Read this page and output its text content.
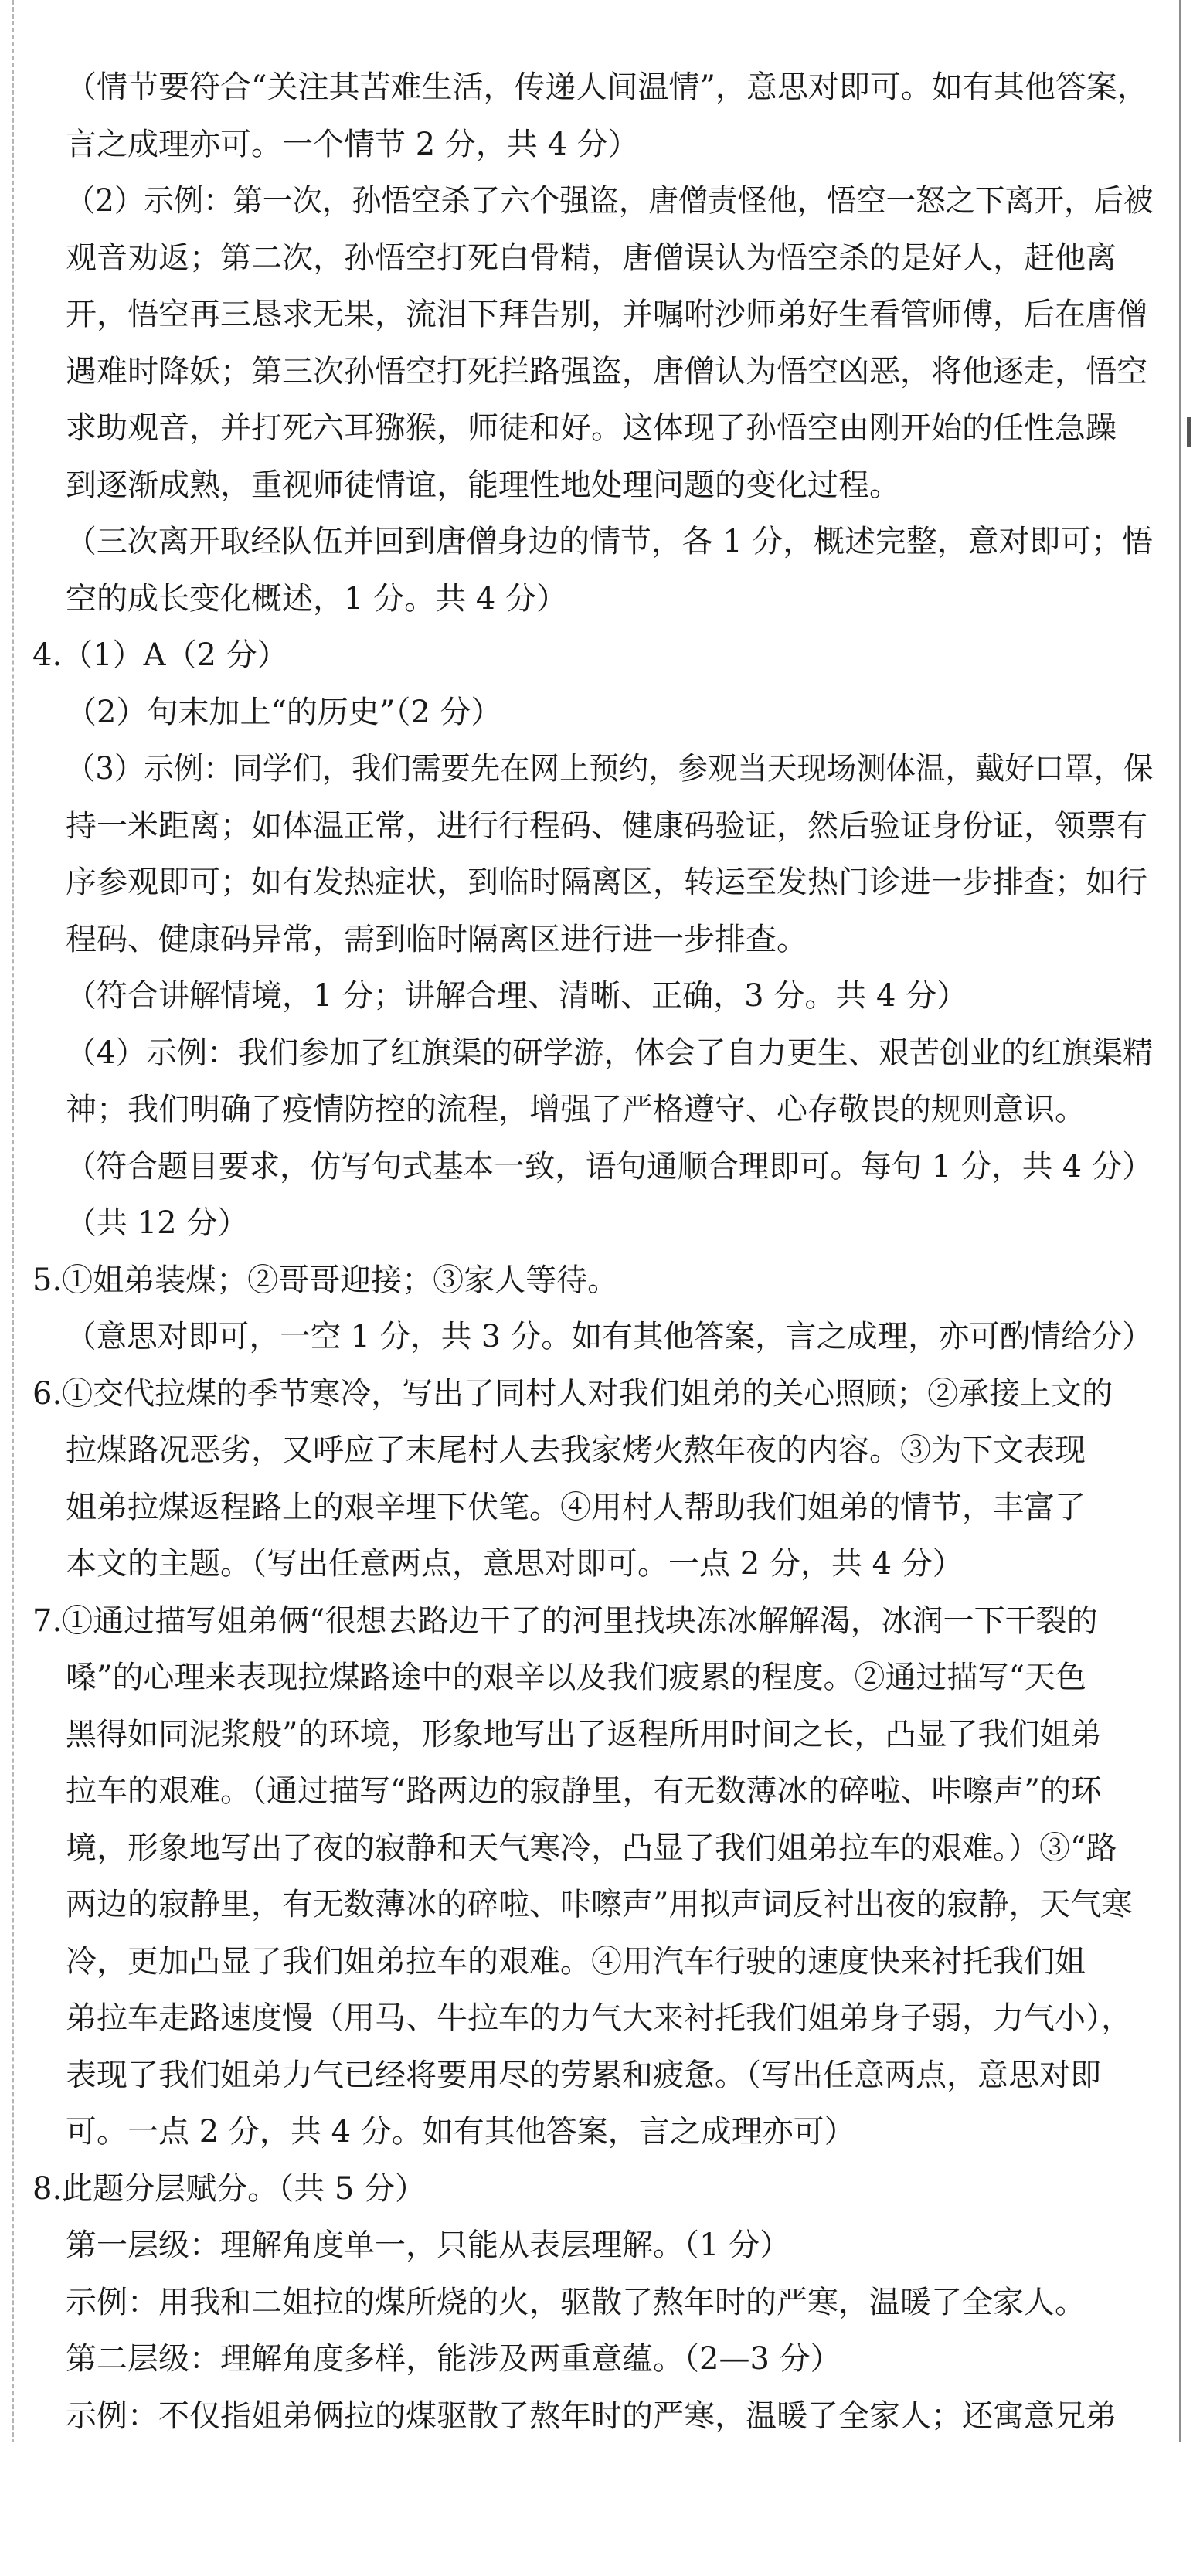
（情节要符合“关注其苦难生活，传递人间温情”，意思对即可。如有其他答案，
言之成理亦可。一个情节 2 分，共 4 分）
（2）示例：第一次，孙悟空杀了六个强盗，唐僧责怪他，悟空一怒之下离开，后被
观音劝返；第二次，孙悟空打死白骨精，唐僧误认为悟空杀的是好人，赶他离
开，悟空再三恳求无果，流泪下拜告别，并嘱咐沙师弟好生看管师傅，后在唐僧
遇难时降妖；第三次孙悟空打死拦路强盗，唐僧认为悟空凶恶，将他逐走，悟空
求助观音，并打死六耳猕猴，师徒和好。这体现了孙悟空由刚开始的任性急躁
到逐渐成熟，重视师徒情谊，能理性地处理问题的变化过程。
（三次离开取经队伍并回到唐僧身边的情节，各 1 分，概述完整，意对即可；悟
空的成长变化概述，1 分。共 4 分）
4.（1）A（2 分）
（2）句末加上“的历史”（2 分）
（3）示例：同学们，我们需要先在网上预约，参观当天现场测体温，戴好口罩，保
持一米距离；如体温正常，进行行程码、健康码验证，然后验证身份证，领票有
序参观即可；如有发热症状，到临时隔离区，转运至发热门诊进一步排查；如行
程码、健康码异常，需到临时隔离区进行进一步排查。
（符合讲解情境，1 分；讲解合理、清晰、正确，3 分。共 4 分）
（4）示例：我们参加了红旗渠的研学游，体会了自力更生、艰苦创业的红旗渠精
神；我们明确了疫情防控的流程，增强了严格遵守、心存敬畏的规则意识。
（符合题目要求，仿写句式基本一致，语句通顺合理即可。每句 1 分，共 4 分）
（共 12 分）
5.①姐弟装煤；②哥哥迎接；③家人等待。
（意思对即可，一空 1 分，共 3 分。如有其他答案，言之成理，亦可酌情给分）
6.①交代拉煤的季节寒冷，写出了同村人对我们姐弟的关心照顾；②承接上文的
拉煤路况恶劣，又呼应了末尾村人去我家烤火熬年夜的内容。③为下文表现
姐弟拉煤返程路上的艰辛埋下伏笔。④用村人帮助我们姐弟的情节，丰富了
本文的主题。（写出任意两点，意思对即可。一点 2 分，共 4 分）
7.①通过描写姐弟俩“很想去路边干了的河里找块冻冰解解渴，冰润一下干裂的
嗓”的心理来表现拉煤路途中的艰辛以及我们疲累的程度。②通过描写“天色
黑得如同泥浆般”的环境，形象地写出了返程所用时间之长，凸显了我们姐弟
拉车的艰难。（通过描写“路两边的寂静里，有无数薄冰的碎啦、咔嚓声”的环
境，形象地写出了夜的寂静和天气寒冷，凸显了我们姐弟拉车的艰难。）③“路
两边的寂静里，有无数薄冰的碎啦、咔嚓声”用拟声词反衬出夜的寂静，天气寒
冷，更加凸显了我们姐弟拉车的艰难。④用汽车行驶的速度快来衬托我们姐
弟拉车走路速度慢（用马、牛拉车的力气大来衬托我们姐弟身子弱，力气小），
表现了我们姐弟力气已经将要用尽的劳累和疲惫。（写出任意两点，意思对即
可。一点 2 分，共 4 分。如有其他答案，言之成理亦可）
8.此题分层赋分。（共 5 分）
第一层级：理解角度单一，只能从表层理解。（1 分）
示例：用我和二姐拉的煤所烧的火，驱散了熬年时的严寒，温暖了全家人。
第二层级：理解角度多样，能涉及两重意蕴。（2—3 分）
示例：不仅指姐弟俩拉的煤驱散了熬年时的严寒，温暖了全家人；还寓意兄弟
